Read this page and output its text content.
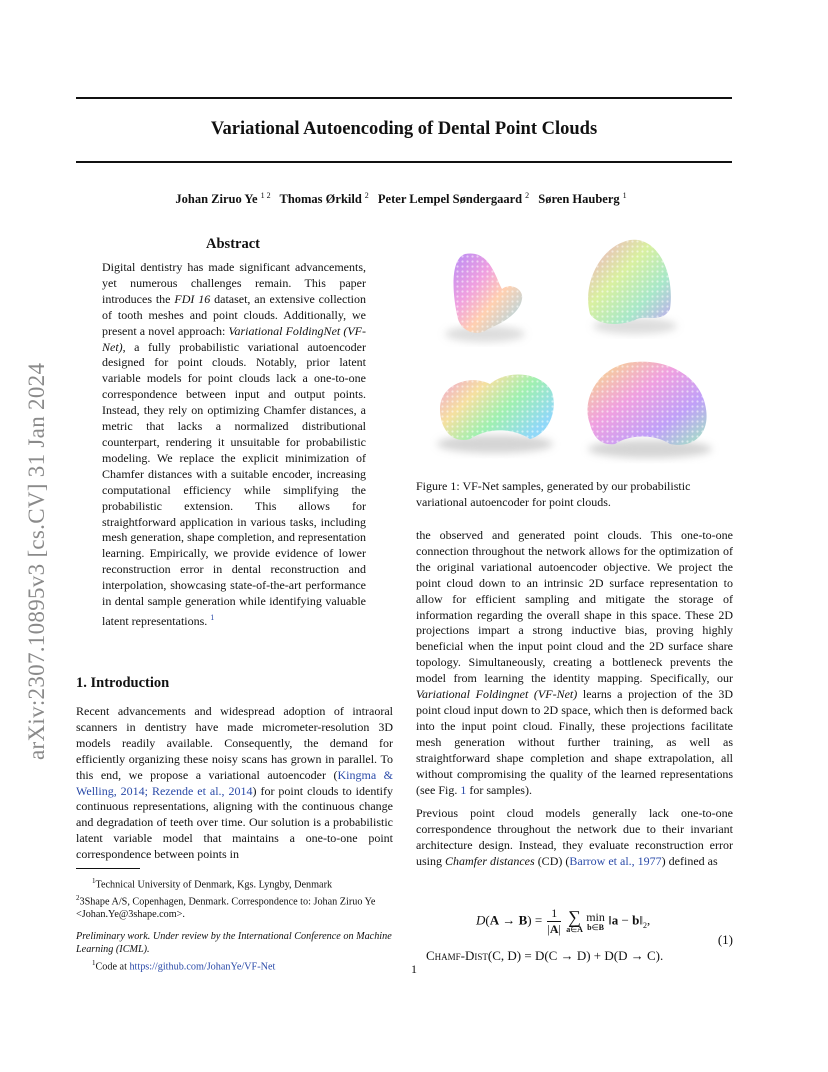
Variational Autoencoding of Dental Point Clouds
Johan Ziruo Ye $^{1 2}$ Thomas Ørkild $^2$ Peter Lempel Søndergaard $^2$ Søren Hauberg $^1$
arXiv:2307.10895v3 [cs.CV] 31 Jan 2024
Abstract
Digital dentistry has made significant advancements, yet numerous challenges remain. This paper introduces the FDI 16 dataset, an extensive collection of tooth meshes and point clouds. Additionally, we present a novel approach: Variational FoldingNet (VF-Net), a fully probabilistic variational autoencoder designed for point clouds. Notably, prior latent variable models for point clouds lack a one-to-one correspondence between input and output points. Instead, they rely on optimizing Chamfer distances, a metric that lacks a normalized distributional counterpart, rendering it unsuitable for probabilistic modeling. We replace the explicit minimization of Chamfer distances with a suitable encoder, increasing computational efficiency while simplifying the probabilistic extension. This allows for straightforward application in various tasks, including mesh generation, shape completion, and representation learning. Empirically, we provide evidence of lower reconstruction error in dental reconstruction and interpolation, showcasing state-of-the-art performance in dental sample generation while identifying valuable latent representations. $^1$
1. Introduction
Recent advancements and widespread adoption of intraoral scanners in dentistry have made micrometer-resolution 3D models readily available. Consequently, the demand for efficiently organizing these noisy scans has grown in parallel. To this end, we propose a variational autoencoder (Kingma & Welling, 2014; Rezende et al., 2014) for point clouds to identify continuous representations, aligning with the continuous change and degradation of teeth over time. Our solution is a probabilistic latent variable model that maintains a one-to-one point correspondence between points in

$^1$Technical University of Denmark, Kgs. Lyngby, Denmark

$^2$3Shape A/S, Copenhagen, Denmark. Correspondence to: Johan Ziruo Ye <Johan.Ye@3shape.com>.

Preliminary work. Under review by the International Conference on Machine Learning (ICML).

$^1$Code at https://github.com/JohanYe/VF-Net

Figure 1: VF-Net samples, generated by our probabilistic variational autoencoder for point clouds.

the observed and generated point clouds. This one-to-one connection throughout the network allows for the optimization of the original variational autoencoder objective. We project the point cloud down to an intrinsic 2D surface representation to allow for efficient sampling and mitigate the storage of information regarding the overall shape in this space. These 2D projections impart a strong inductive bias, proving highly beneficial when the input point cloud and the 2D surface share topology. Simultaneously, creating a bottleneck prevents the model from learning the identity mapping. Specifically, our Variational Foldingnet (VF-Net) learns a projection of the 3D point cloud input down to 2D space, which then is deformed back into the input point cloud. Finally, these projections facilitate mesh generation without further training, as well as straightforward shape completion and shape extrapolation, all without compromising the quality of the learned representations (see Fig. 1 for samples).

Previous point cloud models generally lack one-to-one correspondence throughout the network due to their invariant architecture design. Instead, they evaluate reconstruction error using Chamfer distances (CD) (Barrow et al., 1977) defined as

$D(A \to B) = \frac{1}{|A|}$
∑
a∈A

min
b∈B
‖a − $b‖_2$,
(1)
Chamf-Dist(C, D) = D(C → D) + D(D → C).
1
